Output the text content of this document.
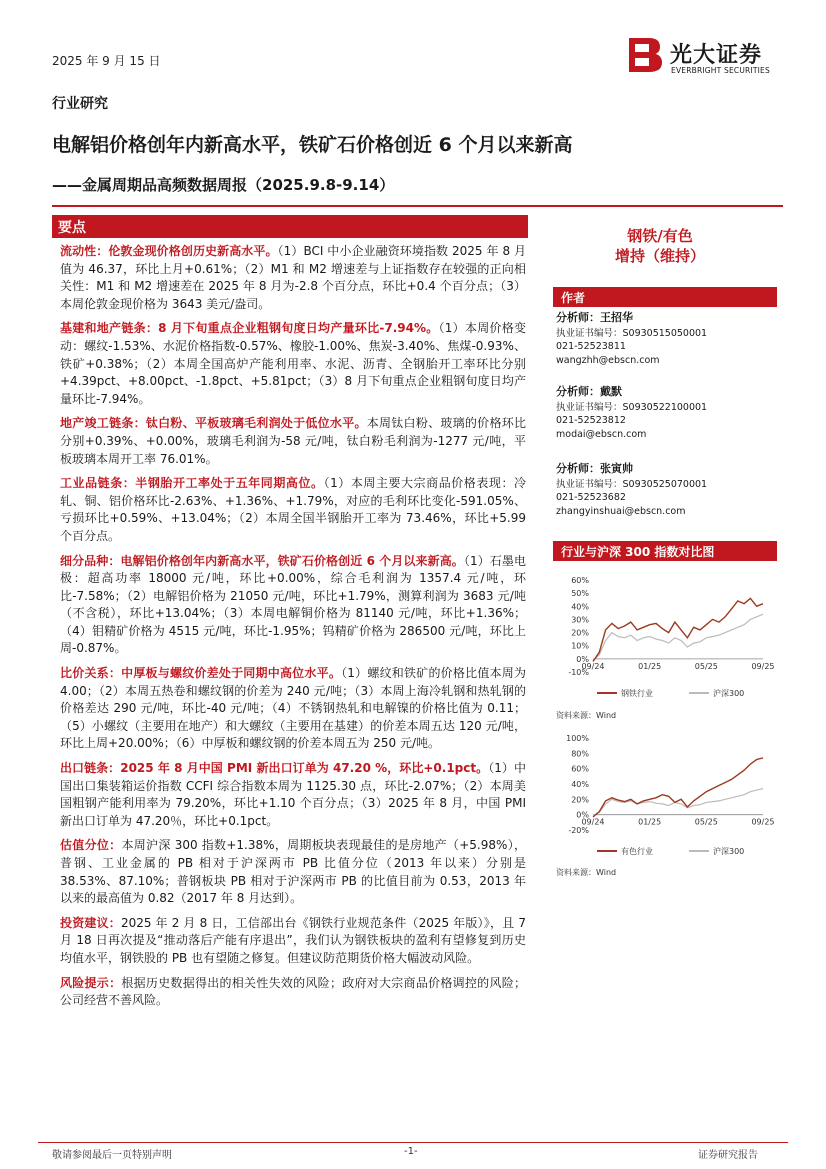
2025 年 9 月 15 日	光大证券
EVERBRIGHT SECURITIES
行业研究
电解铝价格创年内新高水平，铁矿石价格创近 6 个月以来新高
——金属周期品高频数据周报（2025.9.8-9.14）
要点

流动性：伦敦金现价格创历史新高水平。（1）BCI 中小企业融资环境指数 2025 年 8 月值为 46.37，环比上月+0.61%；（2）M1 和 M2 增速差与上证指数存在较强的正向相关性：M1 和 M2 增速差在 2025 年 8 月为-2.8 个百分点，环比+0.4 个百分点；（3）本周伦敦金现价格为 3643 美元/盎司。

基建和地产链条：8 月下旬重点企业粗钢旬度日均产量环比-7.94%。（1）本周价格变动：螺纹-1.53%、水泥价格指数-0.57%、橡胶-1.00%、焦炭-3.40%、焦煤-0.93%、铁矿+0.38%；（2）本周全国高炉产能利用率、水泥、沥青、全钢胎开工率环比分别+4.39pct、+8.00pct、-1.8pct、+5.81pct；（3）8 月下旬重点企业粗钢旬度日均产量环比-7.94%。

地产竣工链条：钛白粉、平板玻璃毛利润处于低位水平。本周钛白粉、玻璃的价格环比分别+0.39%、+0.00%，玻璃毛利润为-58 元/吨，钛白粉毛利润为-1277 元/吨，平板玻璃本周开工率 76.01%。

工业品链条：半钢胎开工率处于五年同期高位。（1）本周主要大宗商品价格表现：冷轧、铜、铝价格环比-2.63%、+1.36%、+1.79%，对应的毛利环比变化-591.05%、亏损环比+0.59%、+13.04%；（2）本周全国半钢胎开工率为 73.46%，环比+5.99 个百分点。

细分品种：电解铝价格创年内新高水平，铁矿石价格创近 6 个月以来新高。（1）石墨电极：超高功率 18000 元/吨，环比+0.00%，综合毛利润为 1357.4 元/吨，环比-7.58%；（2）电解铝价格为 21050 元/吨，环比+1.79%，测算利润为 3683 元/吨（不含税），环比+13.04%；（3）本周电解铜价格为 81140 元/吨，环比+1.36%；（4）钼精矿价格为 4515 元/吨，环比-1.95%；钨精矿价格为 286500 元/吨，环比上周-0.87%。

比价关系：中厚板与螺纹价差处于同期中高位水平。（1）螺纹和铁矿的价格比值本周为 4.00；（2）本周五热卷和螺纹钢的价差为 240 元/吨；（3）本周上海冷轧钢和热轧钢的价格差达 290 元/吨，环比-40 元/吨；（4）不锈钢热轧和电解镍的价格比值为 0.11；（5）小螺纹（主要用在地产）和大螺纹（主要用在基建）的价差本周五达 120 元/吨，环比上周+20.00%；（6）中厚板和螺纹钢的价差本周五为 250 元/吨。

出口链条：2025 年 8 月中国 PMI 新出口订单为 47.20 %，环比+0.1pct。（1）中国出口集装箱运价指数 CCFI 综合指数本周为 1125.30 点，环比-2.07%；（2）本周美国粗钢产能利用率为 79.20%，环比+1.10 个百分点；（3）2025 年 8 月，中国 PMI 新出口订单为 47.20％，环比+0.1pct。

估值分位：本周沪深 300 指数+1.38%，周期板块表现最佳的是房地产（+5.98%），普钢、工业金属的 PB 相对于沪深两市 PB 比值分位（2013 年以来）分别是 38.53%、87.10%；普钢板块 PB 相对于沪深两市 PB 的比值目前为 0.53，2013 年以来的最高值为 0.82（2017 年 8 月达到）。

投资建议：2025 年 2 月 8 日，工信部出台《钢铁行业规范条件（2025 年版）》，且 7 月 18 日再次提及“推动落后产能有序退出”，我们认为钢铁板块的盈利有望修复到历史均值水平，钢铁股的 PB 也有望随之修复。但建议防范期货价格大幅波动风险。

风险提示：根据历史数据得出的相关性失效的风险；政府对大宗商品价格调控的风险；公司经营不善风险。

钢铁/有色
增持（维持）
作者
分析师：王招华
执业证书编号：S0930515050001
021-52523811
wangzhh@ebscn.com
分析师：戴默
执业证书编号：S0930522100001
021-52523812
modai@ebscn.com
分析师：张寅帅
执业证书编号：S0930525070001
021-52523682
zhangyinshuai@ebscn.com
行业与沪深 300 指数对比图
60%
50%
40%
30%
20%
10%
0%
-10%
09/24	01/25	05/25	09/25
钢铁行业	沪深300
资料来源：Wind
100%
80%
60%
40%
20%
0%
-20%
09/24	01/25	05/25	09/25
有色行业	沪深300
资料来源：Wind
敬请参阅最后一页特别声明	-1-	证券研究报告
